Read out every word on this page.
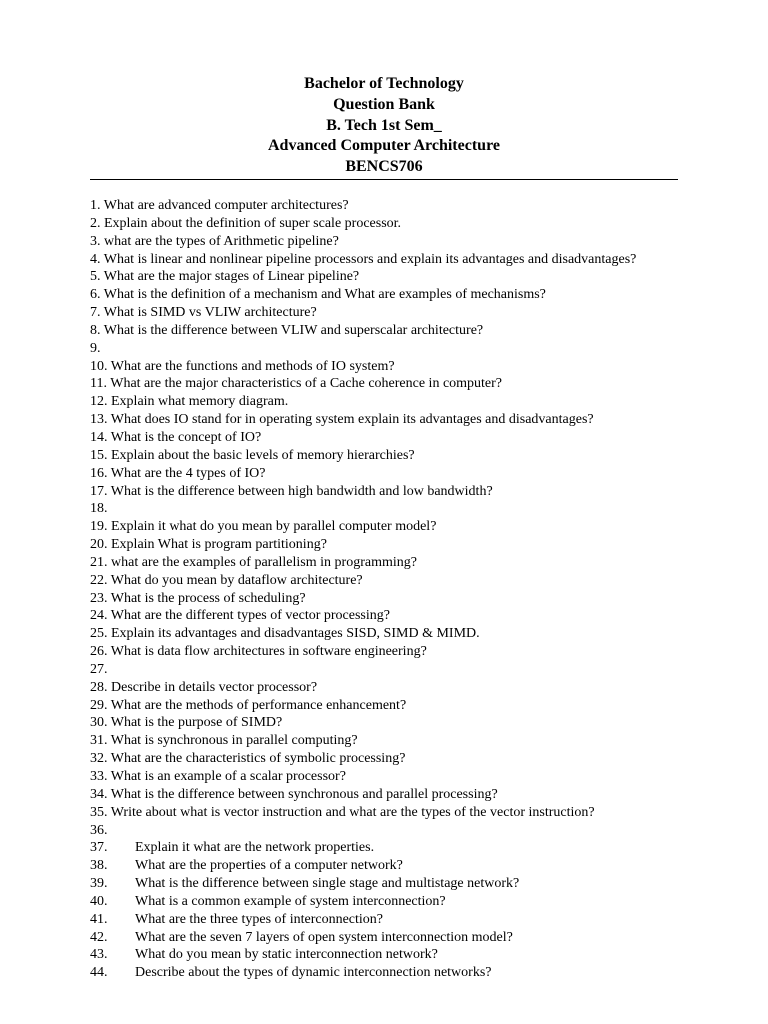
Bachelor of Technology
Question Bank
B. Tech 1st Sem_
Advanced Computer Architecture
BENCS706
1. What are advanced computer architectures?
2. Explain about the definition of super scale processor.
3. what are the types of Arithmetic pipeline?
4. What is linear and nonlinear pipeline processors and explain its advantages and disadvantages?
5. What are the major stages of Linear pipeline?
6. What is the definition of a mechanism and What are examples of mechanisms?
7. What is SIMD vs VLIW architecture?
8. What is the difference between VLIW and superscalar architecture?
9.
10. What are the functions and methods of IO system?
11. What are the major characteristics of a Cache coherence in computer?
12. Explain what memory diagram.
13. What does IO stand for in operating system explain its advantages and disadvantages?
14. What is the concept of IO?
15. Explain about the basic levels of memory hierarchies?
16. What are the 4 types of IO?
17. What is the difference between high bandwidth and low bandwidth?
18.
19. Explain it what do you mean by parallel computer model?
20. Explain What is program partitioning?
21. what are the examples of parallelism in programming?
22. What do you mean by dataflow architecture?
23. What is the process of scheduling?
24. What are the different types of vector processing?
25. Explain its advantages and disadvantages SISD, SIMD & MIMD.
26. What is data flow architectures in software engineering?
27.
28. Describe in details vector processor?
29. What are the methods of performance enhancement?
30. What is the purpose of SIMD?
31. What is synchronous in parallel computing?
32. What are the characteristics of symbolic processing?
33. What is an example of a scalar processor?
34. What is the difference between synchronous and parallel processing?
35. Write about what is vector instruction and what are the types of the vector instruction?
36.
37. Explain it what are the network properties.
38. What are the properties of a computer network?
39. What is the difference between single stage and multistage network?
40. What is a common example of system interconnection?
41. What are the three types of interconnection?
42. What are the seven 7 layers of open system interconnection model?
43. What do you mean by static interconnection network?
44. Describe about the types of dynamic interconnection networks?
